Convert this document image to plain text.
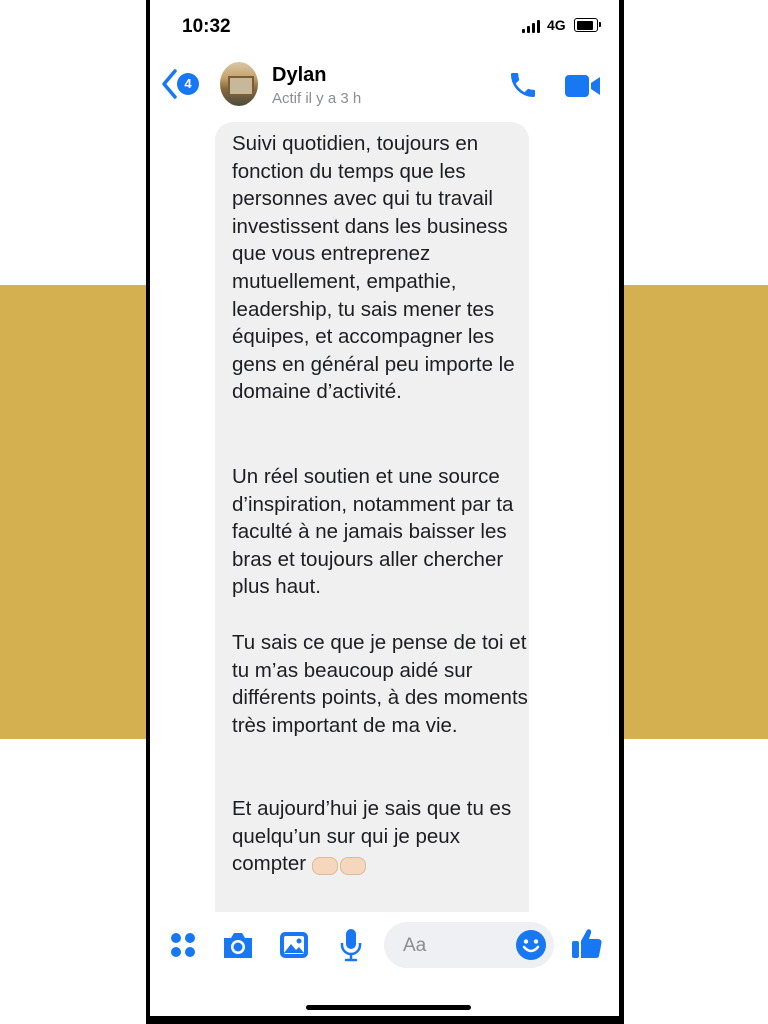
10:32	4G
4	Dylan
Actif il y a 3 h

Suivi quotidien, toujours en fonction du temps que les personnes avec qui tu travail investissent dans les business que vous entreprenez mutuellement, empathie, leadership, tu sais mener tes équipes, et accompagner les gens en général peu importe le domaine d’activité.

Un réel soutien et une source d’inspiration, notamment par ta faculté à ne jamais baisser les bras et toujours aller chercher plus haut.

Tu sais ce que je pense de toi et tu m’as beaucoup aidé sur différents points, à des moments très important de ma vie.

Et aujourd’hui je sais que tu es quelqu’un sur qui je peux
compter

Aa
